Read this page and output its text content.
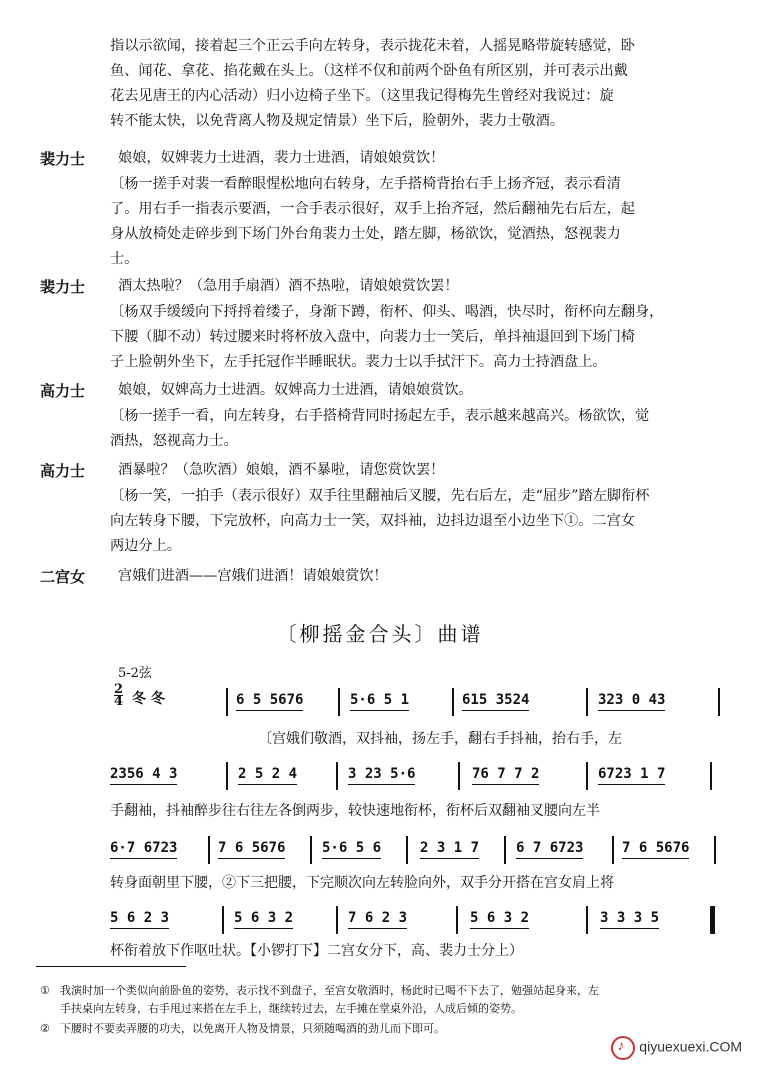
指以示欲闻，接着起三个正云手向左转身，表示拢花未着，人摇晃略带旋转感觉，卧
鱼、闻花、拿花、掐花戴在头上。（这样不仅和前两个卧鱼有所区别，并可表示出戴
花去见唐王的内心活动）归小边椅子坐下。（这里我记得梅先生曾经对我说过：旋
转不能太快，以免背离人物及规定情景）坐下后，脸朝外，裴力士敬酒。
裴力士 娘娘，奴婢裴力士进酒，裴力士进酒，请娘娘赏饮！
〔杨一搓手对裴一看醉眼惺松地向右转身，左手搭椅背抬右手上扬齐冠，表示看清
了。用右手一指表示要酒，一合手表示很好，双手上抬齐冠，然后翻袖先右后左，起
身从放椅处走碎步到下场门外台角裴力士处，踏左脚，杨欲饮，觉酒热，怒视裴力
士。
裴力士 酒太热啦？（急用手扇酒）酒不热啦，请娘娘赏饮罢！
〔杨双手缓缓向下捋捋着缕子，身渐下蹲，衔杯、仰头、喝酒，快尽时，衔杯向左翻身，
下腰（脚不动）转过腰来时将杯放入盘中，向裴力士一笑后，单抖袖退回到下场门椅
子上脸朝外坐下，左手托冠作半睡眠状。裴力士以手拭汗下。高力士持酒盘上。
高力士 娘娘，奴婢高力士进酒。奴婢高力士进酒，请娘娘赏饮。
〔杨一搓手一看，向左转身，右手搭椅背同时扬起左手，表示越来越高兴。杨欲饮，觉
酒热，怒视高力士。
高力士 酒暴啦？（急吹酒）娘娘，酒不暴啦，请您赏饮罢！
〔杨一笑，一拍手（表示很好）双手往里翻袖后叉腰，先右后左，走“屈步”踏左脚衔杯
向左转身下腰，下完放杯，向高力士一笑，双抖袖，边抖边退至小边坐下①。二宫女
两边分上。
二宫女 宫娥们进酒——宫娥们进酒！请娘娘赏饮！
〔柳摇金合头〕曲谱
5-2弦
2
4 冬 冬	6 5 5676	5·6 5 1	615 3524	323 0 43
〔宫娥们敬酒，双抖袖，扬左手，翻右手抖袖，抬右手，左
2356 4 3	2 5 2 4	3 23 5·6	76 7 7 2	6723 1 7
手翻袖，抖袖醉步往右往左各倒两步，较快速地衔杯，衔杯后双翻袖叉腰向左半
6·7 6723	7 6 5676	5·6 5 6	2 3 1 7	6 7 6723	7 6 5676
转身面朝里下腰，②下三把腰，下完顺次向左转脸向外，双手分开搭在宫女肩上将
5 6 2 3	5 6 3 2	7 6 2 3	5 6 3 2	3 3 3 5
杯衔着放下作呕吐状。【小锣打下】二宫女分下，高、裴力士分上）
① 我演时加一个类似向前卧鱼的姿势，表示找不到盘子，至宫女敬酒时，杨此时已喝不下去了，勉强站起身来，左
手扶桌向左转身，右手甩过来搭在左手上，继续转过去，左手摊在堂桌外沿，人成后倾的姿势。
② 下腰时不要卖弄腰的功夫，以免离开人物及情景，只须随喝酒的劲儿而下即可。
♪qiyuexuexi.COM
